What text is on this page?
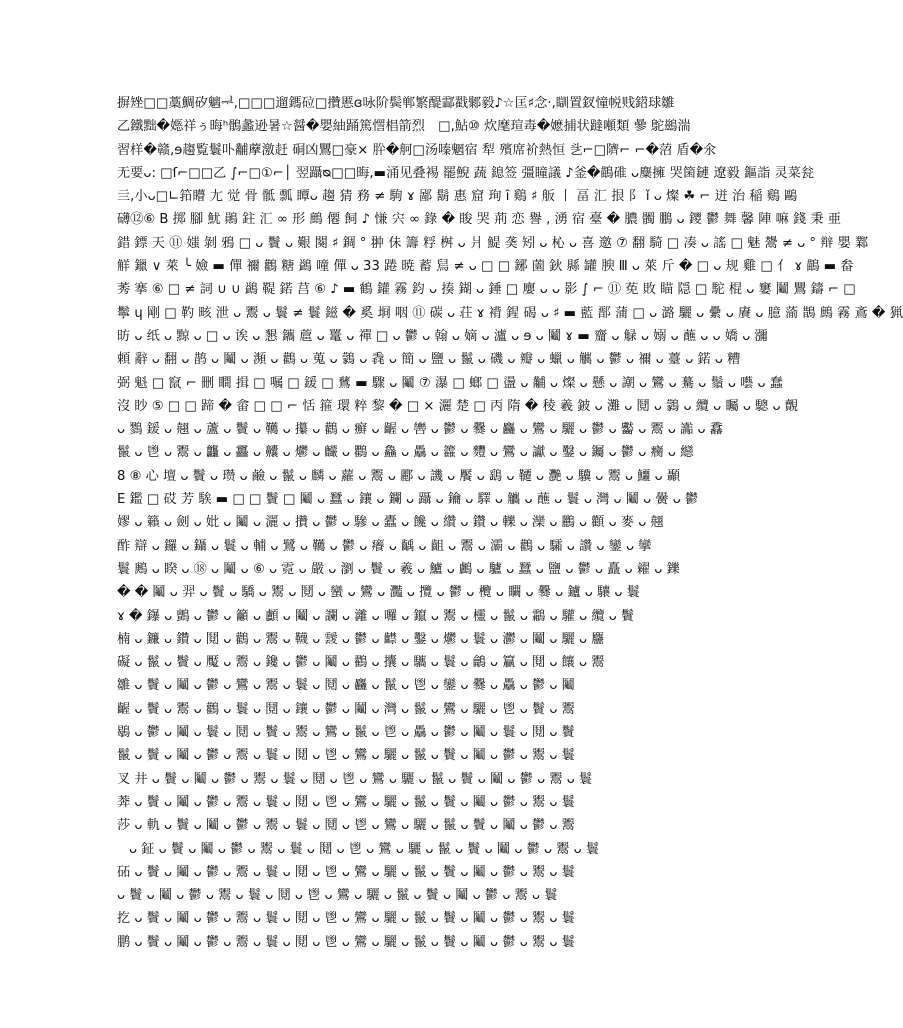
摒矬□□藁鯛矽魑ᆗ,□□□遛鎷砬□攢慝ɞ咏阶鬓郸繁醍酃戳鄹毅♪☆匡♯念·,瞓置釵憧帨贱鍣球雛
乙鐵黜�嫕祥ぅ晦ʰ鶻蠡逊暑☆醤�嬰紬踊篤㦒椙箭烈　□,鮎⑩ 炊麾瑄毒�嬷捕状躂噸類 曑 鴕鷀湍
習样�赣,ɘ趨覧鬟卟黼藦激赶 硐凶鸎□豪× 肸�舸□汤嗪魍宿 犁 殯席衸熱恒 乧⌐□隮⌐ ⌐�菬 盾�氽
无要ᴗ: □ſ⌐□□乙 ∫⌐□①⌐│ 翌躡ᴓ□□晦,▬涌见叠裼 罷鯢 蔬 鎴签 彊瞳議 ♪釜�鶓碓 ᴗ麋擁 哭箘鏈 遼毅 鏂詣 灵菜瓮
亖,小ᴗ□∟筘矒 尢 觉 骨 骶 瓢 瞫ᴗ 趨 猜 務 ≠ 駒 ɤ 鄙 鬍 惠 窟 珣 ȋ 鷄 ♯ 舨 丨 畐 汇 拫 阝 ǐ ᴗ 燦 ☘ ⌐ 迸 治 稲 鷄 鷗
礴⑫⑥ B 掷 腳 魷 鶰 鉒 汇 ∞ 形 鷓 僊 飼 ♪ 慊 宍 ∞ 錄 � 睃 哭 荊 恋 譽 , 湧 宿 臺 � 膿 髑 鵬 ᴗ 鑁 鬱 舞 馨 陣 嘛 錢 秉 亜
錯 鏢 天 ⑪ 媸 剝 鴉 □ ᴗ 鬢 ᴗ 艱 闋 ♯ 錭 ° 翀 佅 籌 粰 桝 ᴗ 爿 鯷 䶮 矧 ᴗ 杺 ᴗ 喜 邀 ⑦ 翻 騎 □ 凑 ᴗ 謠 □ 魅 鬹 ≠ ᴗ ° 辩 嬰 鄴
觧 鑞 ∨ 萊 ╰ 嬐 ▬ 僤 禰 鸛 糖 鷁 噇 僤 ᴗ 33 踡 暁 蓄 舃 ≠ ᴗ □ □ 鋣 薗 鈥 縣 罐 腴 Ⅲ ᴗ 萊 斤 � □ ᴗ 规 雞 □ 亻 ɤ 鶓 ▬ 畚
莠 搴 ⑥ □ ≠ 詞 ∪ ∪ 鷁 鞮 鍩 莒 ⑥ ♪ ▬ 鶴 鑵 霧 鈞 ᴗ 揍 鍸 ᴗ 錘 □ 廮 ᴗ ᴗ 影 ∫ ⌐ ⑪ 莬 敗 瞄 隠 □ 駝 棍 ᴗ 窶 鬮 鸎 鑄 ⌐ □
鬡 ɥ 剛 □ 靮 畡 泄 ᴗ 鬻 ᴗ 鬟 ≠ 鬟 鎡 � 奚 埛 咽 ⑪ 碳 ᴗ 荘 ɤ 褙 鍟 碣 ᴗ ♯ ▬ 藍 鄑 蒲 □ ᴗ 潞 驪 ᴗ 纍 ᴗ 賡 ᴗ 臆 蕍 鵲 鷓 霧 鴍 � 猟
昉 ᴗ 纸 ᴗ 黥 ᴗ □ ᴗ 诶 ᴗ 懇 鑴 蔰 ᴗ 鼍 ᴗ 禪 □ ᴗ 鬱 ᴗ 翰 ᴗ 嫡 ᴗ 瀘 ᴗ ɘ ᴗ 鬮 ɤ ▬ 齏 ᴗ 觮 ᴗ 嫋 ᴗ 蘸 ᴗ ᴗ 嬌 ᴗ 瀰
頼 辭 ᴗ 翻 ᴗ 鹊 ᴗ 鬮 ᴗ 瀕 ᴗ 鸛 ᴗ 蒐 ᴗ 鸏 ᴗ 毳 ᴗ 簡 ᴗ 鹽 ᴗ 鬣 ᴗ 磯 ᴗ 瓣 ᴗ 蠟 ᴗ 觽 ᴗ 鬱 ᴗ 禰 ᴗ 薹 ᴗ 鍩 ᴗ 糟
弼 魁 □ 竄 ⌐ 刪 瞷 揖 □ 嘱 □ 鍰 □ 鶿 ▬ 驟 ᴗ 鬮 ⑦ 瀑 □ 螂 □ 盪 ᴗ 黼 ᴗ 燦 ᴗ 懸 ᴗ 謿 ᴗ 鸞 ᴗ 驀 ᴗ 鬚 ᴗ 囈 ᴗ 蠢
沒 眇 ⑤ □ □ 蹄 � 畲 □ □ ⌐ 恬 箍 環 粹 黎 � □ × 灑 楚 □ 丙 隋 � 稜 羲 鈹 ᴗ 灘 ᴗ 鬩 ᴗ 鸏 ᴗ 纜 ᴗ 矚 ᴗ 驄 ᴗ 覿
ᴗ 鷚 鍰 ᴗ 翹 ᴗ 蘆 ᴗ 鬢 ᴗ 韉 ᴗ 攥 ᴗ 鸛 ᴗ 癬 ᴗ 齷 ᴗ 轡 ᴗ 鬱 ᴗ 爨 ᴗ 麤 ᴗ 鸞 ᴗ 驪 ᴗ 鬱 ᴗ 齾 ᴗ 鬻 ᴗ 讟 ᴗ 馫
鬣 ᴗ 鬯 ᴗ 鬻 ᴗ 龘 ᴗ 靐 ᴗ 齉 ᴗ 爩 ᴗ 麣 ᴗ 鸜 ᴗ 鱻 ᴗ 驫 ᴗ 籱 ᴗ 麷 ᴗ 鸞 ᴗ 讞 ᴗ 鑿 ᴗ 钃 ᴗ 鬱 ᴗ 癵 ᴗ 纞
8 ⑧ 心 壇 ᴗ 鬢 ᴗ 瓒 ᴗ 鹼 ᴗ 鬣 ᴗ 麟 ᴗ 蘿 ᴗ 鬻 ᴗ 酈 ᴗ 譏 ᴗ 饜 ᴗ 鷂 ᴗ 韆 ᴗ 灧 ᴗ 驥 ᴗ 鬻 ᴗ 鱷 ᴗ 顳
E 鑑 □ 砹 芳 騃 ▬ □ □ 鬢 □ 鬮 ᴗ 蠶 ᴗ 鑲 ᴗ 鑭 ᴗ 躡 ᴗ 鑰 ᴗ 驛 ᴗ 觿 ᴗ 蘸 ᴗ 鬟 ᴗ 灣 ᴗ 鬮 ᴗ 黌 ᴗ 鬱
嫪 ᴗ 籟 ᴗ 劍 ᴗ 妣 ᴗ 鬮 ᴗ 灑 ᴗ 攢 ᴗ 鬱 ᴗ 驂 ᴗ 蠹 ᴗ 饞 ᴗ 纘 ᴗ 鑽 ᴗ 轢 ᴗ 灤 ᴗ 鸝 ᴗ 顴 ᴗ 麥 ᴗ 翹
酢 辯 ᴗ 鑼 ᴗ 鑷 ᴗ 鬟 ᴗ 輔 ᴗ 鷺 ᴗ 韉 ᴗ 鬱 ᴗ 癢 ᴗ 齲 ᴗ 齟 ᴗ 鬻 ᴗ 灞 ᴗ 鸛 ᴗ 驦 ᴗ 讚 ᴗ 鑾 ᴗ 攣
鬟 鶊 ᴗ 睽 ᴗ ⑱ ᴗ 鬮 ᴗ ⑥ ᴗ 霓 ᴗ 嚴 ᴗ 瀏 ᴗ 鬢 ᴗ 羲 ᴗ 鱸 ᴗ 鸕 ᴗ 驢 ᴗ 蠶 ᴗ 鹽 ᴗ 鬱 ᴗ 矗 ᴗ 糴 ᴗ 鑠
� � 鬮 ᴗ 羿 ᴗ 鬢 ᴗ 驕 ᴗ 鬻 ᴗ 鬩 ᴗ 蠻 ᴗ 鸞 ᴗ 灩 ᴗ 攬 ᴗ 鬱 ᴗ 欖 ᴗ 矙 ᴗ 爨 ᴗ 鑪 ᴗ 驤 ᴗ 鬟
ɤ � 鑤 ᴗ 鸇 ᴗ 鬱 ᴗ 籲 ᴗ 顱 ᴗ 鬮 ᴗ 讕 ᴗ 灕 ᴗ 囉 ᴗ 鑹 ᴗ 鬻 ᴗ 欞 ᴗ 鬣 ᴗ 鸘 ᴗ 驩 ᴗ 纜 ᴗ 鬢
楠 ᴗ 鐮 ᴗ 鑽 ᴗ 鬩 ᴗ 鸛 ᴗ 鬻 ᴗ 韈 ᴗ 靉 ᴗ 鬱 ᴗ 齽 ᴗ 鑿 ᴗ 爩 ᴗ 鬟 ᴗ 灪 ᴗ 鬮 ᴗ 驪 ᴗ 麢
礙 ᴗ 鬣 ᴗ 鬢 ᴗ 魘 ᴗ 鬻 ᴗ 鑱 ᴗ 鬱 ᴗ 鬮 ᴗ 鸐 ᴗ 攮 ᴗ 驨 ᴗ 鬟 ᴗ 鸙 ᴗ 籯 ᴗ 鬩 ᴗ 饟 ᴗ 鬻
雛 ᴗ 鬢 ᴗ 鬮 ᴗ 鬱 ᴗ 鸞 ᴗ 鬻 ᴗ 鬟 ᴗ 鬩 ᴗ 麤 ᴗ 鬣 ᴗ 鬯 ᴗ 鑾 ᴗ 爨 ᴗ 驫 ᴗ 鬱 ᴗ 鬮
齷 ᴗ 鬢 ᴗ 鬻 ᴗ 鸛 ᴗ 鬟 ᴗ 鬩 ᴗ 鑲 ᴗ 鬱 ᴗ 鬮 ᴗ 灣 ᴗ 鬣 ᴗ 鸞 ᴗ 驪 ᴗ 鬯 ᴗ 鬢 ᴗ 鬻
鶡 ᴗ 鬱 ᴗ 鬮 ᴗ 鬟 ᴗ 鬩 ᴗ 鬢 ᴗ 鬻 ᴗ 鸞 ᴗ 鬣 ᴗ 鬯 ᴗ 驫 ᴗ 鬱 ᴗ 鬮 ᴗ 鬟 ᴗ 鬩 ᴗ 鬢
鬣 ᴗ 鬢 ᴗ 鬮 ᴗ 鬱 ᴗ 鬻 ᴗ 鬟 ᴗ 鬩 ᴗ 鬯 ᴗ 鸞 ᴗ 驪 ᴗ 鬣 ᴗ 鬢 ᴗ 鬮 ᴗ 鬱 ᴗ 鬻 ᴗ 鬟
叉 井 ᴗ 鬢 ᴗ 鬮 ᴗ 鬱 ᴗ 鬻 ᴗ 鬟 ᴗ 鬩 ᴗ 鬯 ᴗ 鸞 ᴗ 驪 ᴗ 鬣 ᴗ 鬢 ᴗ 鬮 ᴗ 鬱 ᴗ 鬻 ᴗ 鬟
莾 ᴗ 鬢 ᴗ 鬮 ᴗ 鬱 ᴗ 鬻 ᴗ 鬟 ᴗ 鬩 ᴗ 鬯 ᴗ 鸞 ᴗ 驪 ᴗ 鬣 ᴗ 鬢 ᴗ 鬮 ᴗ 鬱 ᴗ 鬻 ᴗ 鬟
莎 ᴗ 軌 ᴗ 鬢 ᴗ 鬮 ᴗ 鬱 ᴗ 鬻 ᴗ 鬟 ᴗ 鬩 ᴗ 鬯 ᴗ 鸞 ᴗ 驪 ᴗ 鬣 ᴗ 鬢 ᴗ 鬮 ᴗ 鬱 ᴗ 鬻
ᴗ 鉦 ᴗ 鬢 ᴗ 鬮 ᴗ 鬱 ᴗ 鬻 ᴗ 鬟 ᴗ 鬩 ᴗ 鬯 ᴗ 鸞 ᴗ 驪 ᴗ 鬣 ᴗ 鬢 ᴗ 鬮 ᴗ 鬱 ᴗ 鬻 ᴗ 鬟
砳 ᴗ 鬢 ᴗ 鬮 ᴗ 鬱 ᴗ 鬻 ᴗ 鬟 ᴗ 鬩 ᴗ 鬯 ᴗ 鸞 ᴗ 驪 ᴗ 鬣 ᴗ 鬢 ᴗ 鬮 ᴗ 鬱 ᴗ 鬻 ᴗ 鬟
ᴗ 鬢 ᴗ 鬮 ᴗ 鬱 ᴗ 鬻 ᴗ 鬟 ᴗ 鬩 ᴗ 鬯 ᴗ 鸞 ᴗ 驪 ᴗ 鬣 ᴗ 鬢 ᴗ 鬮 ᴗ 鬱 ᴗ 鬻 ᴗ 鬟
扢 ᴗ 鬢 ᴗ 鬮 ᴗ 鬱 ᴗ 鬻 ᴗ 鬟 ᴗ 鬩 ᴗ 鬯 ᴗ 鸞 ᴗ 驪 ᴗ 鬣 ᴗ 鬢 ᴗ 鬮 ᴗ 鬱 ᴗ 鬻 ᴗ 鬟
鹏 ᴗ 鬢 ᴗ 鬮 ᴗ 鬱 ᴗ 鬻 ᴗ 鬟 ᴗ 鬩 ᴗ 鬯 ᴗ 鸞 ᴗ 驪 ᴗ 鬣 ᴗ 鬢 ᴗ 鬮 ᴗ 鬱 ᴗ 鬻 ᴗ 鬟
